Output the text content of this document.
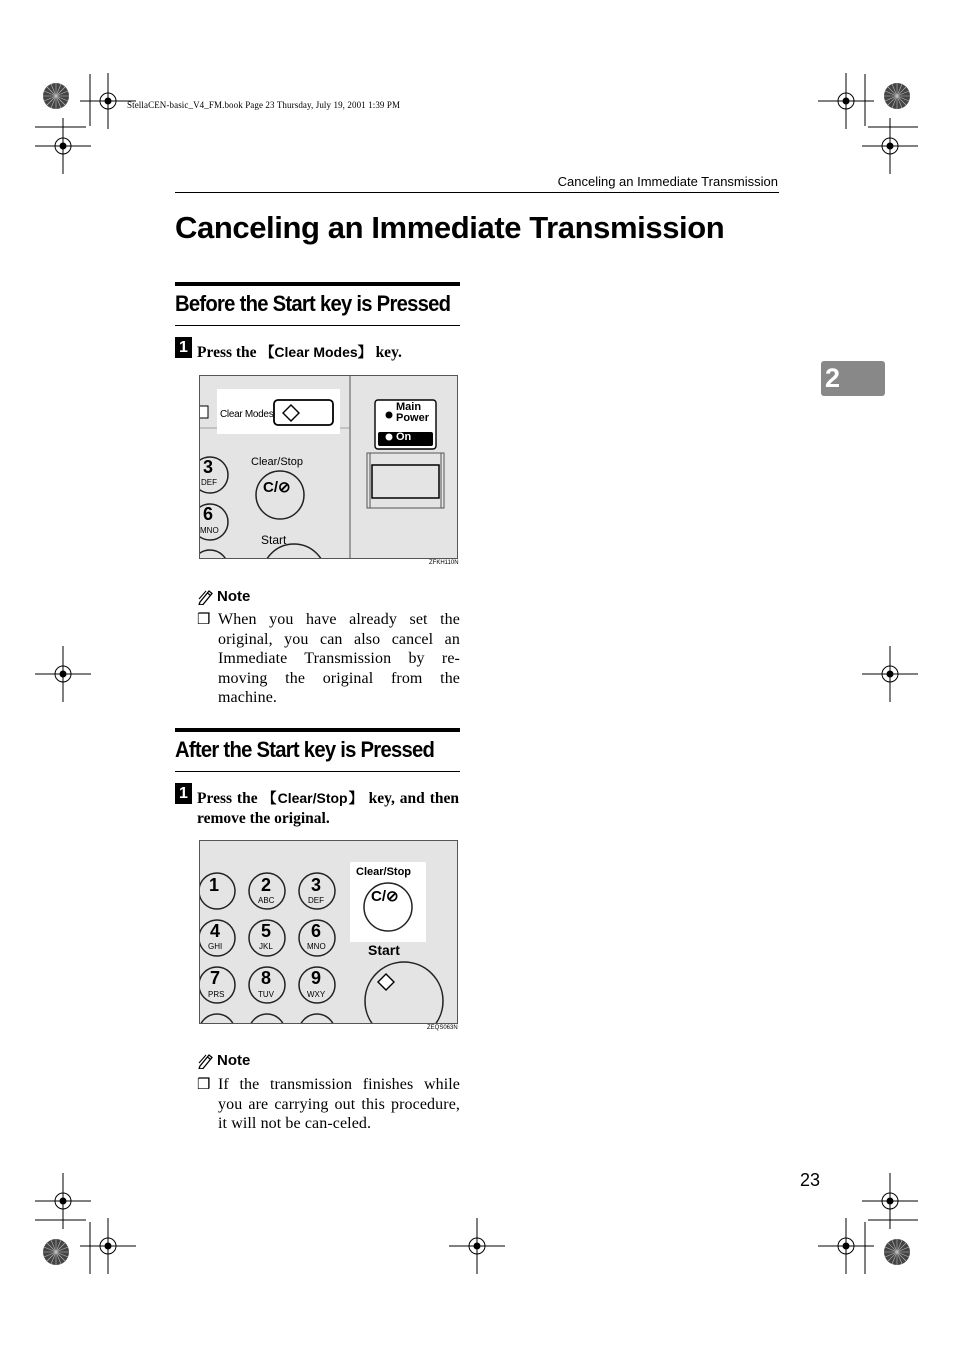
StellaCEN-basic_V4_FM.book Page 23 Thursday, July 19, 2001 1:39 PM
Canceling an Immediate Transmission
Canceling an Immediate Transmission
2
Before the Start key is Pressed
1 Press the 【Clear Modes】 key.
Clear Modes
Clear/Stop
C/⊘
Start
3
DEF
6
MNO
Main
Power
On
ZFKH110N
Note
❒ When you have already set the original, you can also cancel an Immediate Transmission by re-moving the original from the machine.
After the Start key is Pressed
1 Press the 【Clear/Stop】 key, and then remove the original.
1 2
ABC
3
DEF
4
GHI
5
JKL
6
MNO
7
PRS
8
TUV
9
WXY
Clear/Stop
C/⊘
Start
ZEQS063N
Note
❒ If the transmission finishes while you are carrying out this procedure, it will not be can-celed.
23
